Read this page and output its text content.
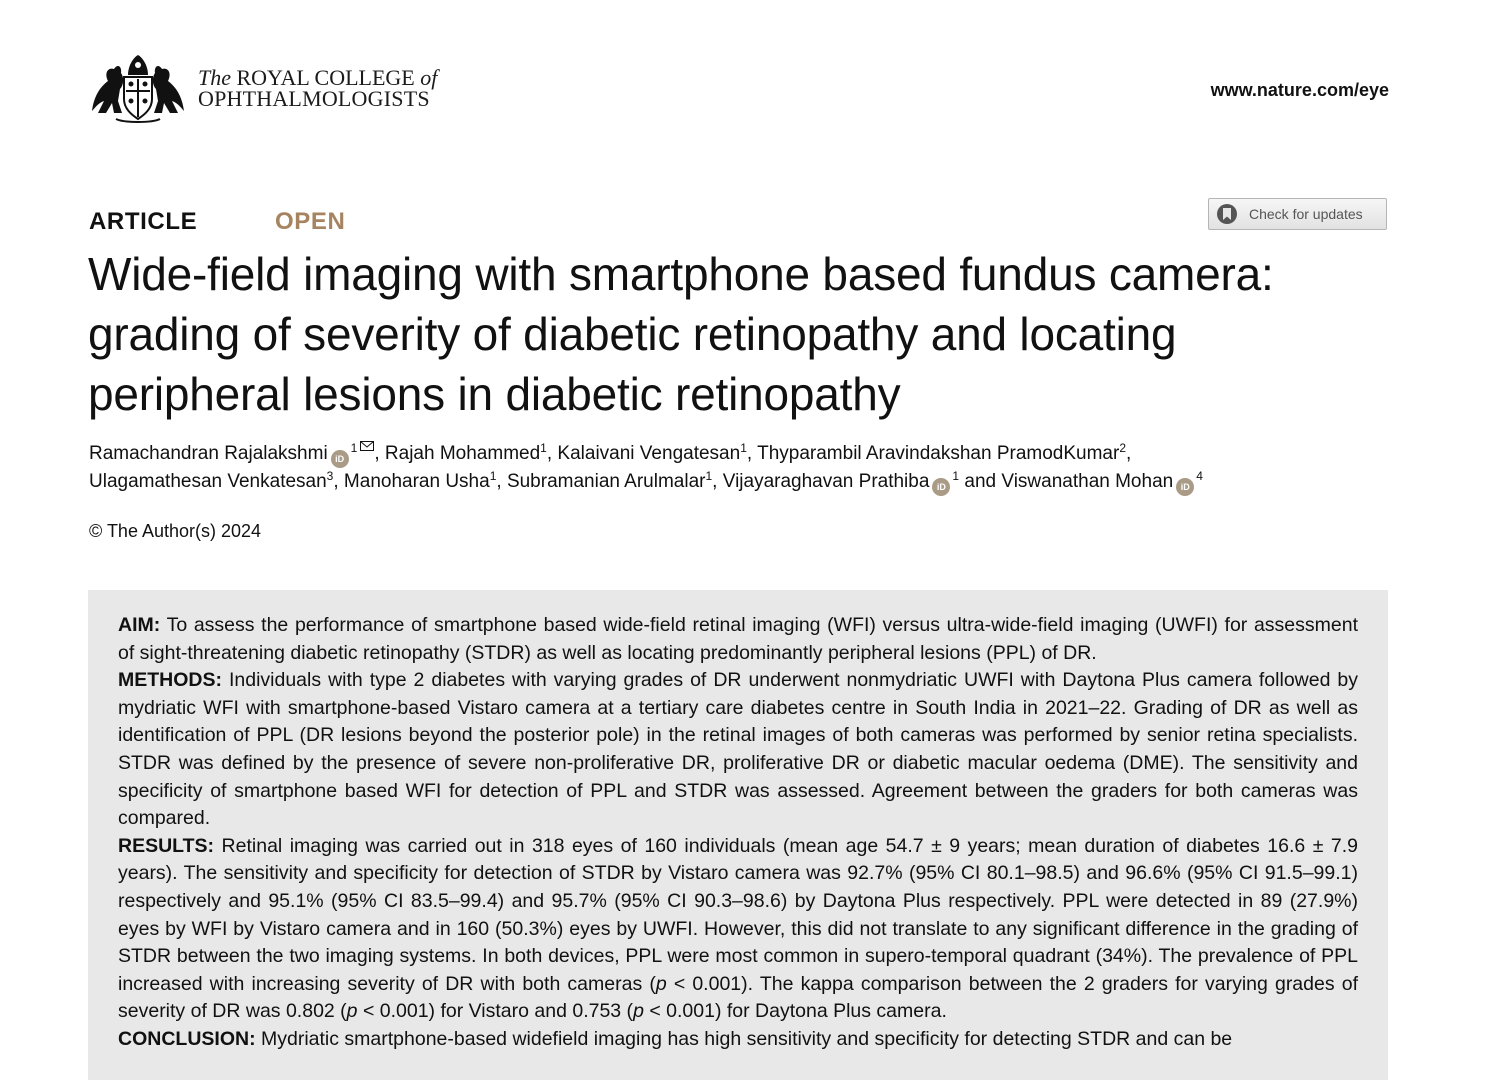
The ROYAL COLLEGE of
OPHTHALMOLOGISTS	www.nature.com/eye
ARTICLE	OPEN	Check for updates
Wide-field imaging with smartphone based fundus camera:
grading of severity of diabetic retinopathy and locating
peripheral lesions in diabetic retinopathy
Ramachandran Rajalakshmi $iD^1$ , Rajah Mohammed$^1$, Kalaivani Vengatesan$^1$, Thyparambil Aravindakshan PramodKumar$^2$,
Ulagamathesan Venkatesan$^3$, Manoharan Usha$^1$, Subramanian Arulmalar$^1$, Vijayaraghavan Prathiba $iD^1$ and Viswanathan Mohan $iD^4$
© The Author(s) 2024

AIM: To assess the performance of smartphone based wide-field retinal imaging (WFI) versus ultra-wide-field imaging (UWFI) for assessment of sight-threatening diabetic retinopathy (STDR) as well as locating predominantly peripheral lesions (PPL) of DR.

METHODS: Individuals with type 2 diabetes with varying grades of DR underwent nonmydriatic UWFI with Daytona Plus camera followed by mydriatic WFI with smartphone-based Vistaro camera at a tertiary care diabetes centre in South India in 2021–22. Grading of DR as well as identification of PPL (DR lesions beyond the posterior pole) in the retinal images of both cameras was performed by senior retina specialists. STDR was defined by the presence of severe non-proliferative DR, proliferative DR or diabetic macular oedema (DME). The sensitivity and specificity of smartphone based WFI for detection of PPL and STDR was assessed. Agreement between the graders for both cameras was compared.

RESULTS: Retinal imaging was carried out in 318 eyes of 160 individuals (mean age 54.7 ± 9 years; mean duration of diabetes 16.6 ± 7.9 years). The sensitivity and specificity for detection of STDR by Vistaro camera was 92.7% (95% CI 80.1–98.5) and 96.6% (95% CI 91.5–99.1) respectively and 95.1% (95% CI 83.5–99.4) and 95.7% (95% CI 90.3–98.6) by Daytona Plus respectively. PPL were detected in 89 (27.9%) eyes by WFI by Vistaro camera and in 160 (50.3%) eyes by UWFI. However, this did not translate to any significant difference in the grading of STDR between the two imaging systems. In both devices, PPL were most common in supero-temporal quadrant (34%). The prevalence of PPL increased with increasing severity of DR with both cameras (p < 0.001). The kappa comparison between the 2 graders for varying grades of severity of DR was 0.802 (p < 0.001) for Vistaro and 0.753 (p < 0.001) for Daytona Plus camera.

CONCLUSION: Mydriatic smartphone-based widefield imaging has high sensitivity and specificity for detecting STDR and can be
